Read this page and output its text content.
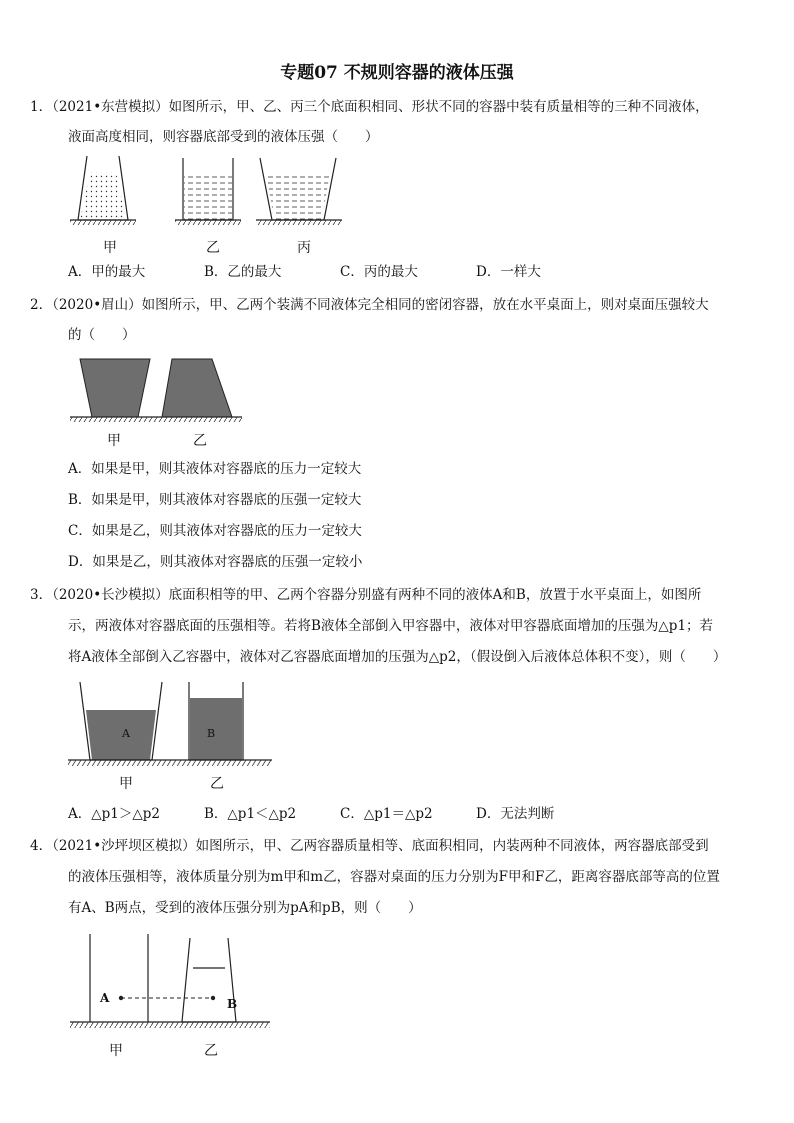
专题07 不规则容器的液体压强
1．（2021•东营模拟）如图所示，甲、乙、丙三个底面积相同、形状不同的容器中装有质量相等的三种不同液体，
液面高度相同，则容器底部受到的液体压强（　　）
甲	乙	丙
A．甲的最大	B．乙的最大	C．丙的最大	D．一样大
2．（2020•眉山）如图所示，甲、乙两个装满不同液体完全相同的密闭容器，放在水平桌面上，则对桌面压强较大
的（　　）
甲	乙
A．如果是甲，则其液体对容器底的压力一定较大
B．如果是甲，则其液体对容器底的压强一定较大
C．如果是乙，则其液体对容器底的压力一定较大
D．如果是乙，则其液体对容器底的压强一定较小
3．（2020•长沙模拟）底面积相等的甲、乙两个容器分别盛有两种不同的液体A和B，放置于水平桌面上，如图所
示，两液体对容器底面的压强相等。若将B液体全部倒入甲容器中，液体对甲容器底面增加的压强为△p1；若
将A液体全部倒入乙容器中，液体对乙容器底面增加的压强为△p2，（假设倒入后液体总体积不变），则（　　）
A	B
甲	乙
A．△p1＞△p2	B．△p1＜△p2	C．△p1＝△p2	D．无法判断
4．（2021•沙坪坝区模拟）如图所示，甲、乙两容器质量相等、底面积相同，内装两种不同液体，两容器底部受到
的液体压强相等，液体质量分别为m甲和m乙，容器对桌面的压力分别为F甲和F乙，距离容器底部等高的位置
有A、B两点，受到的液体压强分别为pA和pB，则（　　）
A	B
甲	乙
